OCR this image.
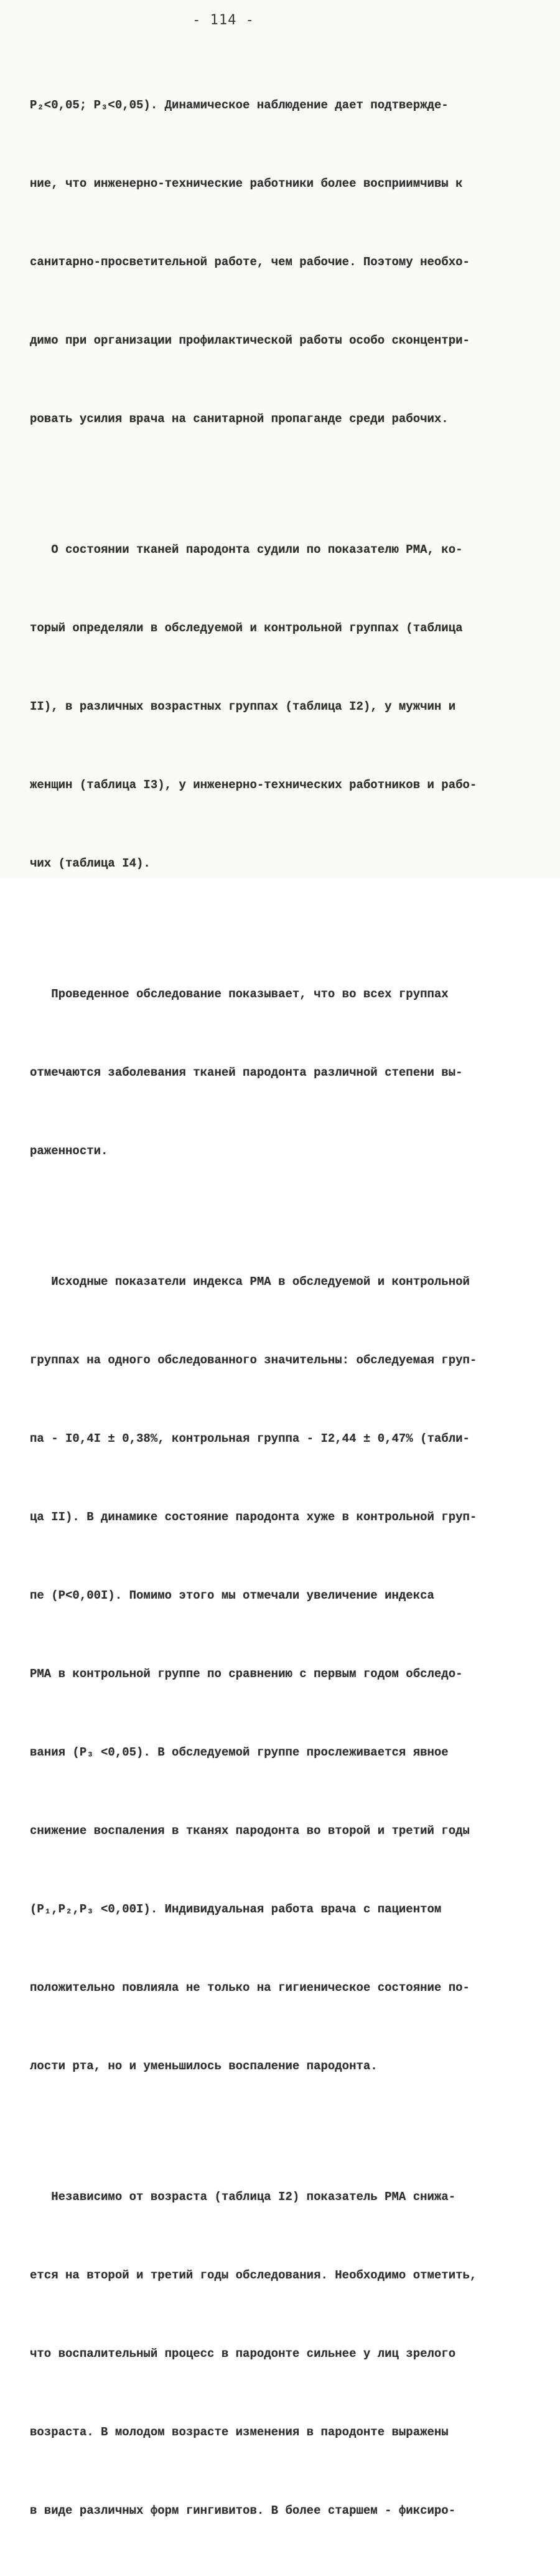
- 114 -

P₂<0,05; P₃<0,05). Динамическое наблюдение дает подтвержде-

ние, что инженерно-технические работники более восприимчивы к

санитарно-просветительной работе, чем рабочие. Поэтому необхо-

димо при организации профилактической работы особо сконцентри-

ровать усилия врача на санитарной пропаганде среди рабочих.

О состоянии тканей пародонта судили по показателю РМА, ко-

торый определяли в обследуемой и контрольной группах (таблица

II), в различных возрастных группах (таблица I2), у мужчин и

женщин (таблица I3), у инженерно-технических работников и рабо-

чих (таблица I4).

Проведенное обследование показывает, что во всех группах

отмечаются заболевания тканей пародонта различной степени вы-

раженности.

Исходные показатели индекса РМА в обследуемой и контрольной

группах на одного обследованного значительны: обследуемая груп-

па - I0,4I ± 0,38%, контрольная группа - I2,44 ± 0,47% (табли-

ца II). В динамике состояние пародонта хуже в контрольной груп-

пе (P<0,00I). Помимо этого мы отмечали увеличение индекса

РМА в контрольной группе по сравнению с первым годом обследо-

вания (P₃ <0,05). В обследуемой группе прослеживается явное

снижение воспаления в тканях пародонта во второй и третий годы

(P₁,P₂,P₃ <0,00I). Индивидуальная работа врача с пациентом

положительно повлияла не только на гигиеническое состояние по-

лости рта, но и уменьшилось воспаление пародонта.

Независимо от возраста (таблица I2) показатель РМА снижа-

ется на второй и третий годы обследования. Необходимо отметить,

что воспалительный процесс в пародонте сильнее у лиц зрелого

возраста. В молодом возрасте изменения в пародонте выражены

в виде различных форм гингивитов. В более старшем - фиксиро-
